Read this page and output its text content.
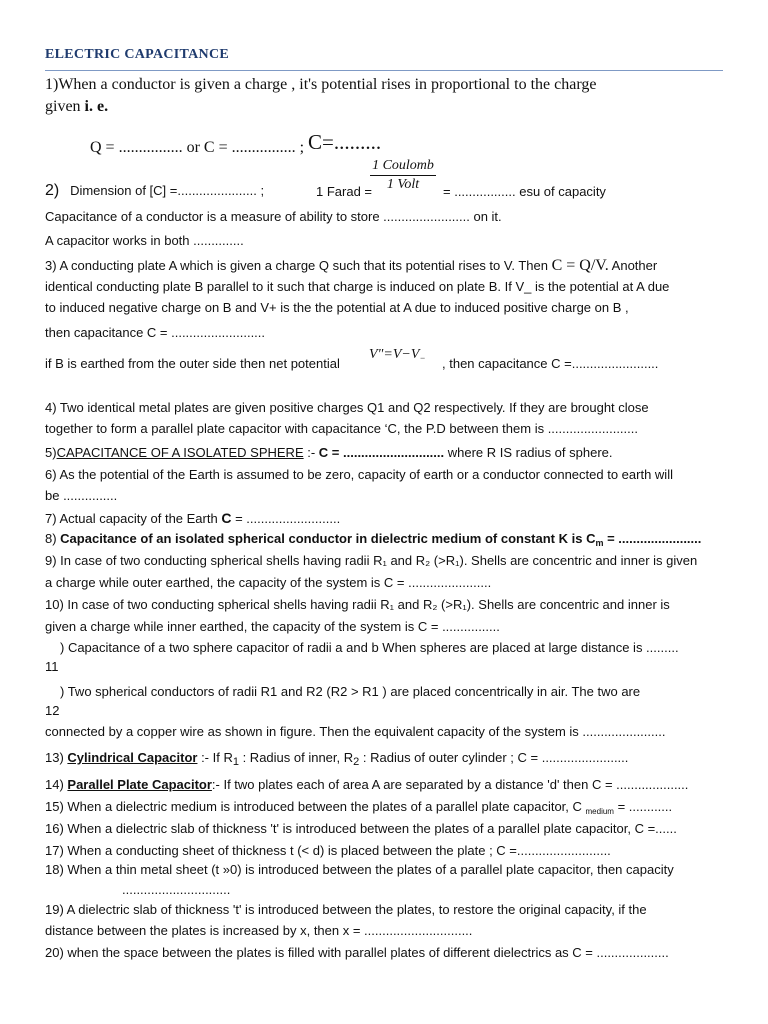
ELECTRIC CAPACITANCE
1)When a conductor is given a charge , it's potential rises in proportional to the charge
given i. e.
Q = ................ or C = ................ ; C=.........
1 Coulomb
1 Volt
2) Dimension of [C] =...................... ;	1 Farad =	= ................. esu of capacity
Capacitance of a conductor is a measure of ability to store ........................ on it.
A capacitor works in both ..............
3) A conducting plate A which is given a charge Q such that its potential rises to V. Then C = Q/V. Another
identical conducting plate B parallel to it such that charge is induced on plate B. If V_ is the potential at A due
to induced negative charge on B and V+ is the the potential at A due to induced positive charge on B ,
then capacitance C = ..........................
if B is earthed from the outer side then net potential
$V"=V-V_-$ , then capacitance C =........................
4) Two identical metal plates are given positive charges Q1 and Q2 respectively. If they are brought close
together to form a parallel plate capacitor with capacitance ‘C, the P.D between them is .........................
5)CAPACITANCE OF A ISOLATED SPHERE :- C = ............................ where R IS radius of sphere.
6) As the potential of the Earth is assumed to be zero, capacity of earth or a conductor connected to earth will
be ...............
7) Actual capacity of the Earth C = ..........................
8) Capacitance of an isolated spherical conductor in dielectric medium of constant K is $C_m$ = .......................
9) In case of two conducting spherical shells having radii R₁ and R₂ (>R₁). Shells are concentric and inner is given
a charge while outer earthed, the capacity of the system is C = .......................
10) In case of two conducting spherical shells having radii R₁ and R₂ (>R₁). Shells are concentric and inner is
given a charge while inner earthed, the capacity of the system is C = ................
) Capacitance of a two sphere capacitor of radii a and b When spheres are placed at large distance is .........
11
) Two spherical conductors of radii R1 and R2 (R2 > R1 ) are placed concentrically in air. The two are
12
connected by a copper wire as shown in figure. Then the equivalent capacity of the system is .......................
13) Cylindrical Capacitor :- If $R_1$ : Radius of inner, $R_2$ : Radius of outer cylinder ; C = ........................
14) Parallel Plate Capacitor:- If two plates each of area A are separated by a distance 'd' then C = ....................
15) When a dielectric medium is introduced between the plates of a parallel plate capacitor, C $_{medium}$ = ............
16) When a dielectric slab of thickness 't' is introduced between the plates of a parallel plate capacitor, C =......
17) When a conducting sheet of thickness t (< d) is placed between the plate ; C =..........................
18) When a thin metal sheet (t »0) is introduced between the plates of a parallel plate capacitor, then capacity
..............................
19) A dielectric slab of thickness 't' is introduced between the plates, to restore the original capacity, if the
distance between the plates is increased by x, then x = ..............................
20) when the space between the plates is filled with parallel plates of different dielectrics as C = ....................
